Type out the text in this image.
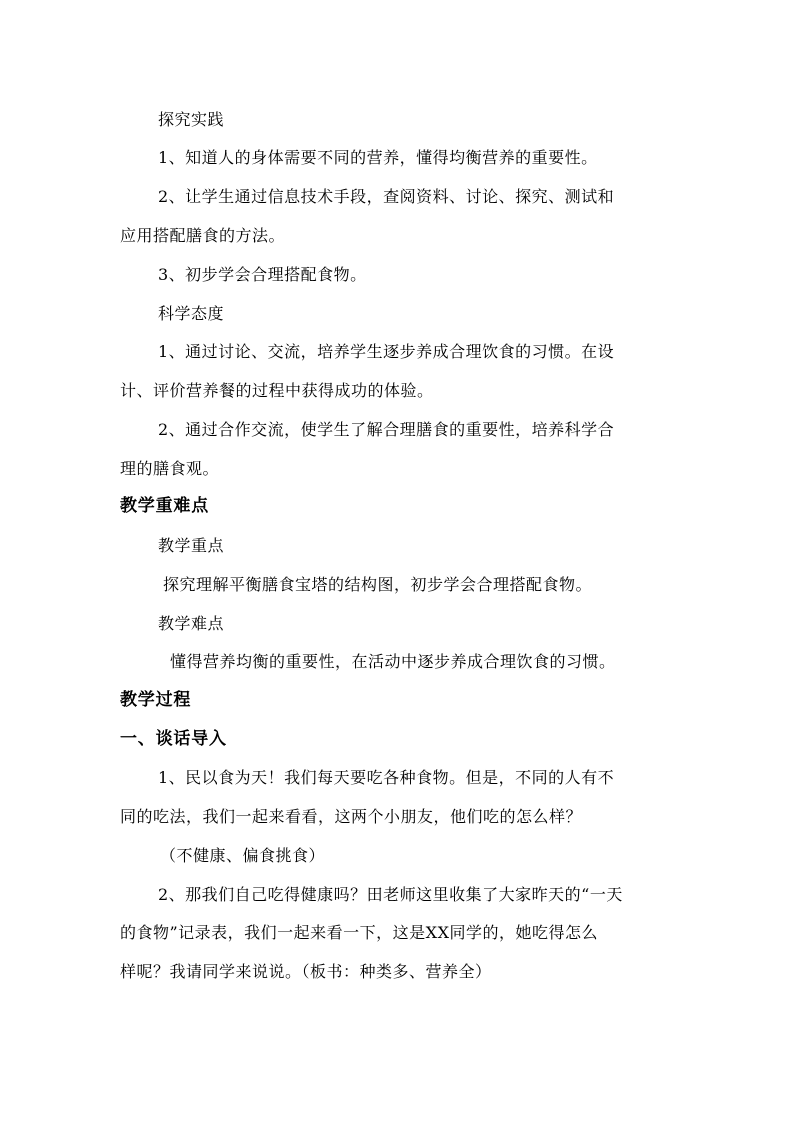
探究实践
1、知道人的身体需要不同的营养，懂得均衡营养的重要性。
2、让学生通过信息技术手段，查阅资料、讨论、探究、测试和
应用搭配膳食的方法。
3、初步学会合理搭配食物。
科学态度
1、通过讨论、交流，培养学生逐步养成合理饮食的习惯。在设
计、评价营养餐的过程中获得成功的体验。
2、通过合作交流，使学生了解合理膳食的重要性，培养科学合
理的膳食观。
教学重难点
教学重点
探究理解平衡膳食宝塔的结构图，初步学会合理搭配食物。
教学难点
懂得营养均衡的重要性，在活动中逐步养成合理饮食的习惯。
教学过程
一、谈话导入
1、民以食为天！我们每天要吃各种食物。但是，不同的人有不
同的吃法，我们一起来看看，这两个小朋友，他们吃的怎么样？
（不健康、偏食挑食）
2、那我们自己吃得健康吗？田老师这里收集了大家昨天的“一天
的食物”记录表，我们一起来看一下，这是XX同学的，她吃得怎么
样呢？我请同学来说说。（板书：种类多、营养全）
